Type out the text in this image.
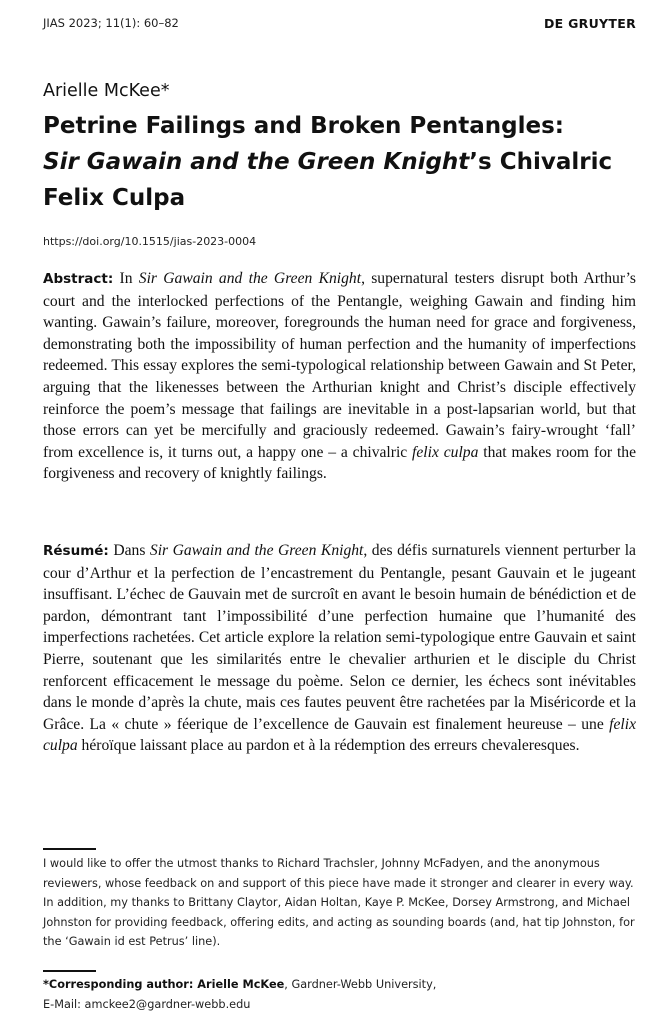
JIAS 2023; 11(1): 60–82	DE GRUYTER
Arielle McKee*
Petrine Failings and Broken Pentangles:
Sir Gawain and the Green Knight’s Chivalric
Felix Culpa
https://doi.org/10.1515/jias-2023-0004

Abstract: In Sir Gawain and the Green Knight, supernatural testers disrupt both Arthur’s court and the interlocked perfections of the Pentangle, weighing Gawain and finding him wanting. Gawain’s failure, moreover, foregrounds the human need for grace and forgiveness, demonstrating both the impossibility of human perfection and the humanity of imperfections redeemed. This essay explores the semi-typological relationship between Gawain and St Peter, arguing that the likenesses between the Arthurian knight and Christ’s disciple effectively reinforce the poem’s message that failings are inevitable in a post-lapsarian world, but that those errors can yet be mercifully and graciously redeemed. Gawain’s fairy-wrought ‘fall’ from excellence is, it turns out, a happy one – a chivalric felix culpa that makes room for the forgiveness and recovery of knightly failings.

Résumé: Dans Sir Gawain and the Green Knight, des défis surnaturels viennent perturber la cour d’Arthur et la perfection de l’encastrement du Pentangle, pesant Gauvain et le jugeant insuffisant. L’échec de Gauvain met de surcroît en avant le besoin humain de bénédiction et de pardon, démontrant tant l’impossibilité d’une perfection humaine que l’humanité des imperfections rachetées. Cet article explore la relation semi-typologique entre Gauvain et saint Pierre, soutenant que les similarités entre le chevalier arthurien et le disciple du Christ renforcent efficacement le message du poème. Selon ce dernier, les échecs sont inévitables dans le monde d’après la chute, mais ces fautes peuvent être rachetées par la Miséricorde et la Grâce. La « chute » féerique de l’excellence de Gauvain est finalement heureuse – une felix culpa héroïque laissant place au pardon et à la rédemption des erreurs chevaleresques.

I would like to offer the utmost thanks to Richard Trachsler, Johnny McFadyen, and the anonymous reviewers, whose feedback on and support of this piece have made it stronger and clearer in every way. In addition, my thanks to Brittany Claytor, Aidan Holtan, Kaye P. McKee, Dorsey Armstrong, and Michael Johnston for providing feedback, offering edits, and acting as sounding boards (and, hat tip Johnston, for the ‘Gawain id est Petrus’ line).

*Corresponding author: Arielle McKee, Gardner-Webb University,
E-Mail: amckee2@gardner-webb.edu
